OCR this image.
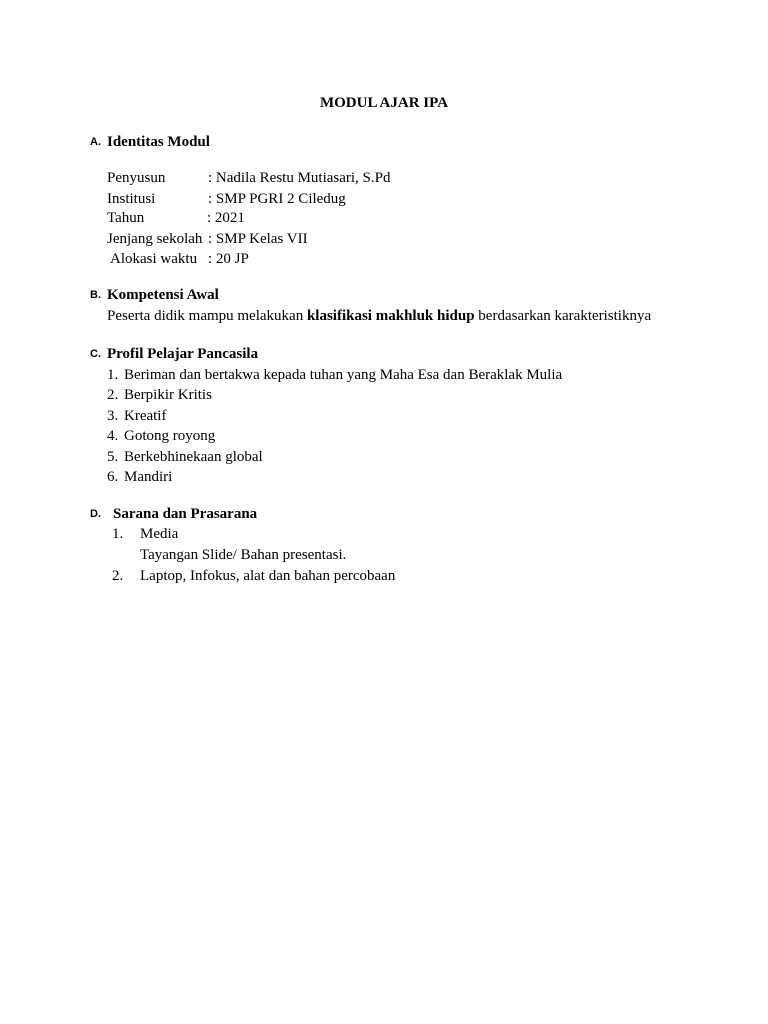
MODUL AJAR IPA
A. Identitas Modul
Penyusun	: Nadila Restu Mutiasari, S.Pd
Institusi	: SMP PGRI 2 Ciledug
Tahun	: 2021
Jenjang sekolah : SMP Kelas VII
Alokasi waktu : 20 JP
B. Kompetensi Awal
Peserta didik mampu melakukan klasifikasi makhluk hidup berdasarkan karakteristiknya
C. Profil Pelajar Pancasila
1. Beriman dan bertakwa kepada tuhan yang Maha Esa dan Beraklak Mulia
2. Berpikir Kritis
3. Kreatif
4. Gotong royong
5. Berkebhinekaan global
6. Mandiri
D. Sarana dan Prasarana
1. Media
Tayangan Slide/ Bahan presentasi.
2. Laptop, Infokus, alat dan bahan percobaan
